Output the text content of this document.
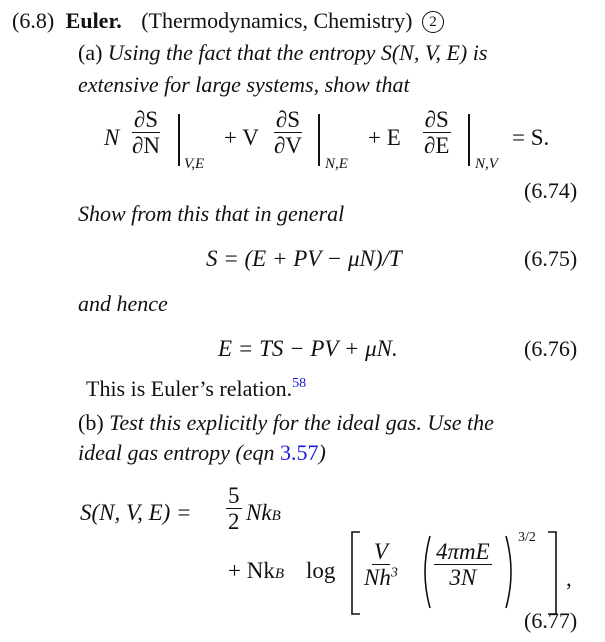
(6.8) Euler. (Thermodynamics, Chemistry) 2
(a) Using the fact that the entropy S(N, V, E) is
extensive for large systems, show that
N $\frac{\partial S}{\partial N}$
V,E
+ V $\frac{\partial S}{\partial V}$
N,E
+ E $\frac{\partial S}{\partial E}$
N,V
= S.
(6.74)
Show from this that in general
S = (E + PV − μN)/T	(6.75)
and hence
E = TS − PV + μN.	(6.76)
This is Euler’s relation.$^{58}$
(b) Test this explicitly for the ideal gas. Use the
ideal gas entropy (eqn 3.57)
S(N, V, $E) = \frac{5}{2}$ NkB
+ NkB $\log \frac{V}{Nh^3} 4\pi mE$
3N
3/2
,
(6.77)
